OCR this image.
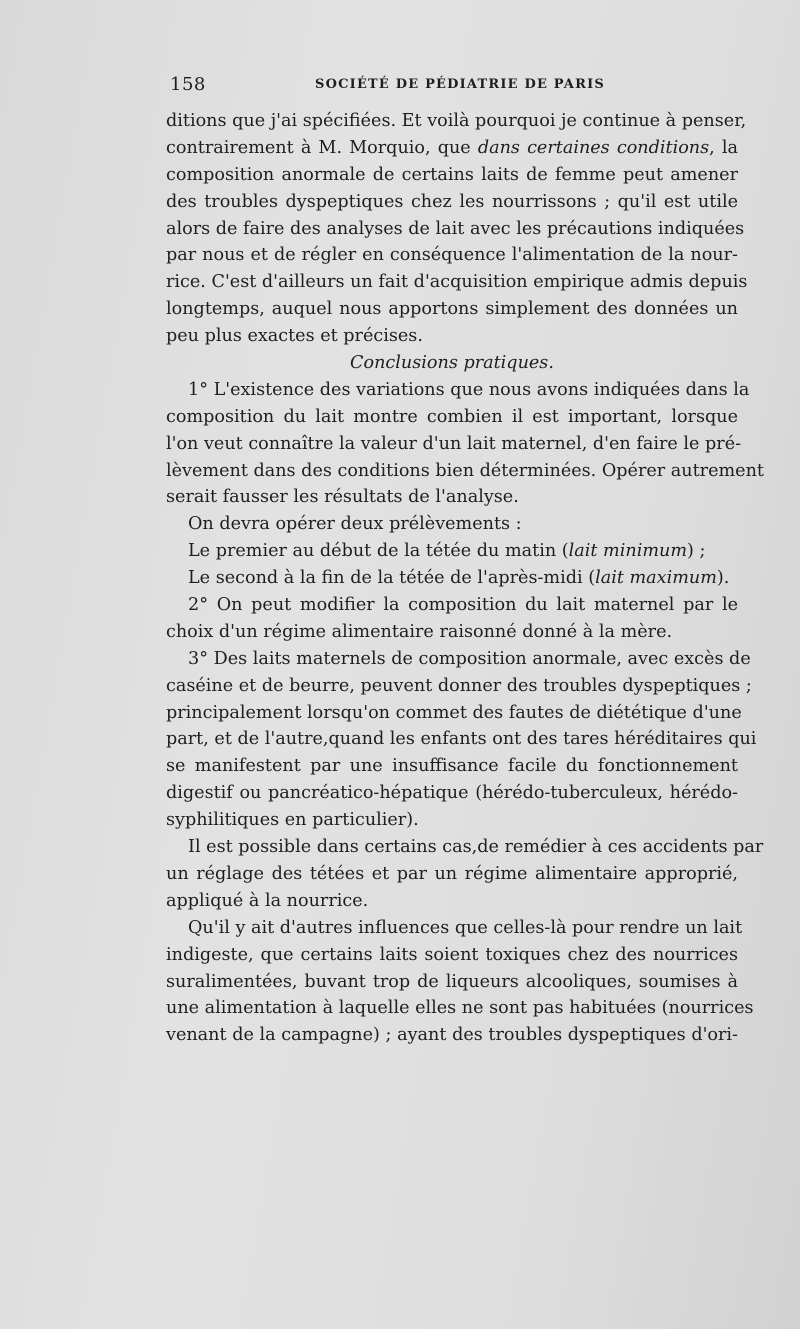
158	SOCIÉTÉ DE PÉDIATRIE DE PARIS
ditions que j'ai spécifiées. Et voilà pourquoi je continue à penser,
contrairement à M. Morquio, que dans certaines conditions, la
composition anormale de certains laits de femme peut amener
des troubles dyspeptiques chez les nourrissons ; qu'il est utile
alors de faire des analyses de lait avec les précautions indiquées
par nous et de régler en conséquence l'alimentation de la nour-
rice. C'est d'ailleurs un fait d'acquisition empirique admis depuis
longtemps, auquel nous apportons simplement des données un
peu plus exactes et précises.
Conclusions pratiques.
1° L'existence des variations que nous avons indiquées dans la
composition du lait montre combien il est important, lorsque
l'on veut connaître la valeur d'un lait maternel, d'en faire le pré-
lèvement dans des conditions bien déterminées. Opérer autrement
serait fausser les résultats de l'analyse.
On devra opérer deux prélèvements :
Le premier au début de la tétée du matin (lait minimum) ;
Le second à la fin de la tétée de l'après-midi (lait maximum).
2° On peut modifier la composition du lait maternel par le
choix d'un régime alimentaire raisonné donné à la mère.
3° Des laits maternels de composition anormale, avec excès de
caséine et de beurre, peuvent donner des troubles dyspeptiques ;
principalement lorsqu'on commet des fautes de diététique d'une
part, et de l'autre,quand les enfants ont des tares héréditaires qui
se manifestent par une insuffisance facile du fonctionnement
digestif ou pancréatico-hépatique (hérédo-tuberculeux, hérédo-
syphilitiques en particulier).
Il est possible dans certains cas,de remédier à ces accidents par
un réglage des tétées et par un régime alimentaire approprié,
appliqué à la nourrice.
Qu'il y ait d'autres influences que celles-là pour rendre un lait
indigeste, que certains laits soient toxiques chez des nourrices
suralimentées, buvant trop de liqueurs alcooliques, soumises à
une alimentation à laquelle elles ne sont pas habituées (nourrices
venant de la campagne) ; ayant des troubles dyspeptiques d'ori-
